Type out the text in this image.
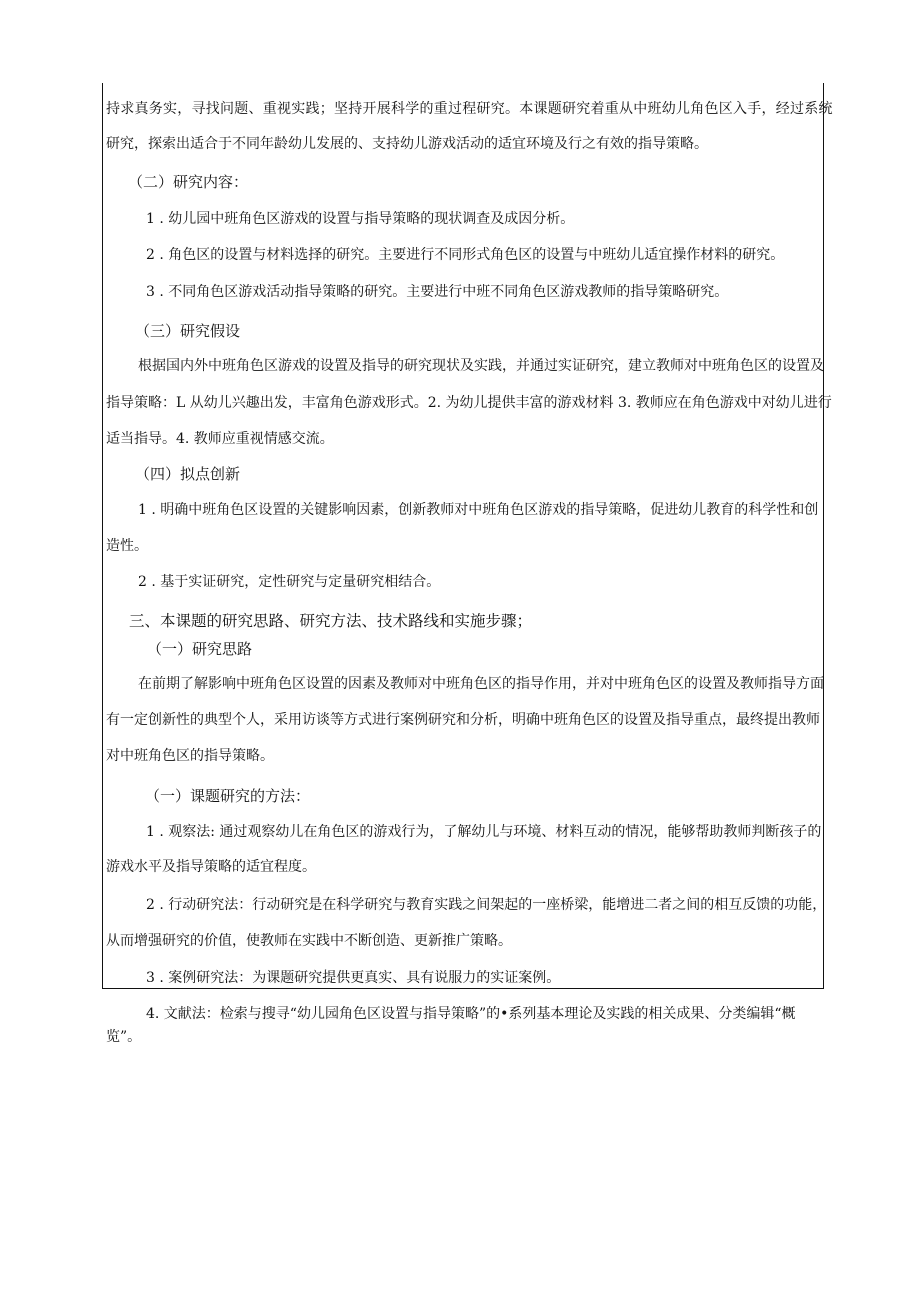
持求真务实，寻找问题、重视实践；坚持开展科学的重过程研究。本课题研究着重从中班幼儿角色区入手，经过系统
研究，探索出适合于不同年龄幼儿发展的、支持幼儿游戏活动的适宜环境及行之有效的指导策略。
（二）研究内容：
1 . 幼儿园中班角色区游戏的设置与指导策略的现状调查及成因分析。
2 . 角色区的设置与材料选择的研究。主要进行不同形式角色区的设置与中班幼儿适宜操作材料的研究。
3 . 不同角色区游戏活动指导策略的研究。主要进行中班不同角色区游戏教师的指导策略研究。
（三）研究假设
根据国内外中班角色区游戏的设置及指导的研究现状及实践，并通过实证研究，建立教师对中班角色区的设置及
指导策略：L 从幼儿兴趣出发，丰富角色游戏形式。2. 为幼儿提供丰富的游戏材料 3. 教师应在角色游戏中对幼儿进行
适当指导。4. 教师应重视情感交流。
（四）拟点创新
1 . 明确中班角色区设置的关键影响因素，创新教师对中班角色区游戏的指导策略，促进幼儿教育的科学性和创
造性。
2 . 基于实证研究，定性研究与定量研究相结合。
三、本课题的研究思路、研究方法、技术路线和实施步骤；
（一）研究思路
在前期了解影响中班角色区设置的因素及教师对中班角色区的指导作用，并对中班角色区的设置及教师指导方面
有一定创新性的典型个人，采用访谈等方式进行案例研究和分析，明确中班角色区的设置及指导重点，最终提出教师
对中班角色区的指导策略。
（一）课题研究的方法：
1 . 观察法: 通过观察幼儿在角色区的游戏行为，了解幼儿与环境、材料互动的情况，能够帮助教师判断孩子的
游戏水平及指导策略的适宜程度。
2 . 行动研究法：行动研究是在科学研究与教育实践之间架起的一座桥梁，能增进二者之间的相互反馈的功能，
从而增强研究的价值，使教师在实践中不断创造、更新推广策略。
3 . 案例研究法：为课题研究提供更真实、具有说服力的实证案例。
4. 文献法：检索与搜寻“幼儿园角色区设置与指导策略”的•系列基本理论及实践的相关成果、分类编辑“概
览”。
